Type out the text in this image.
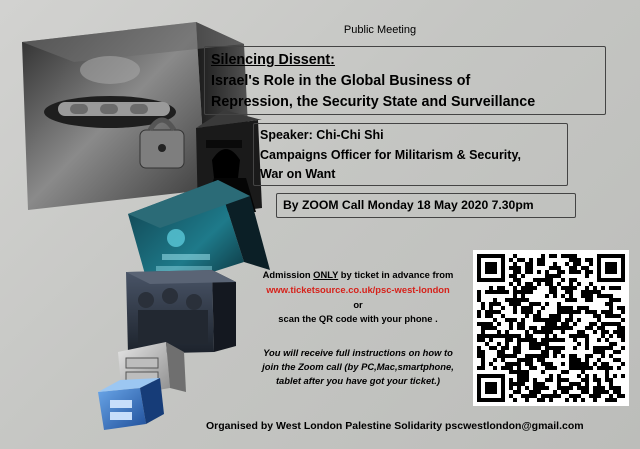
Public Meeting
Silencing Dissent:
Israel's Role in the Global Business of
Repression, the Security State and Surveillance
Speaker: Chi-Chi Shi
Campaigns Officer for Militarism & Security,
War on Want
By ZOOM Call Monday 18 May 2020 7.30pm
Admission ONLY by ticket in advance from
www.ticketsource.co.uk/psc-west-london
or
scan the QR code with your phone .
You will receive full instructions on how to
join the Zoom call (by PC,Mac,smartphone,
tablet after you have got your ticket.)
Organised by West London Palestine Solidarity pscwestlondon@gmail.com
